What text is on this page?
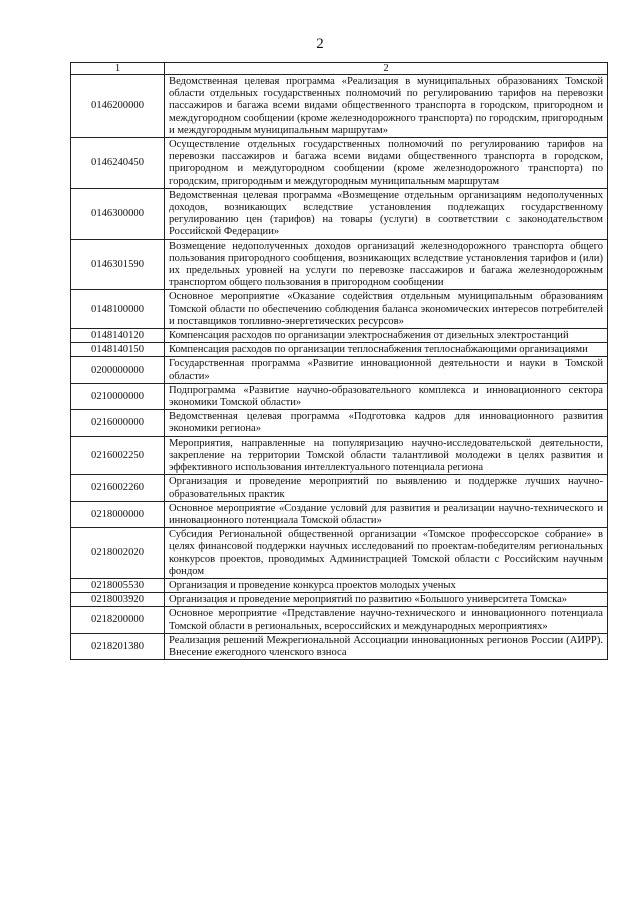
2
1	2
0146200000	Ведомственная целевая программа «Реализация в муниципальных образованиях Томской области отдельных государственных полномочий по регулированию тарифов на перевозки пассажиров и багажа всеми видами общественного транспорта в городском, пригородном и междугородном сообщении (кроме железнодорожного транспорта) по городским, пригородным и междугородным муниципальным маршрутам»
0146240450	Осуществление отдельных государственных полномочий по регулированию тарифов на перевозки пассажиров и багажа всеми видами общественного транспорта в городском, пригородном и междугородном сообщении (кроме железнодорожного транспорта) по городским, пригородным и междугородным муниципальным маршрутам
0146300000	Ведомственная целевая программа «Возмещение отдельным организациям недополученных доходов, возникающих вследствие установления подлежащих государственному регулированию цен (тарифов) на товары (услуги) в соответствии с законодательством Российской Федерации»
0146301590	Возмещение недополученных доходов организаций железнодорожного транспорта общего пользования пригородного сообщения, возникающих вследствие установления тарифов и (или) их предельных уровней на услуги по перевозке пассажиров и багажа железнодорожным транспортом общего пользования в пригородном сообщении
0148100000	Основное мероприятие «Оказание содействия отдельным муниципальным образованиям Томской области по обеспечению соблюдения баланса экономических интересов потребителей и поставщиков топливно-энергетических ресурсов»
0148140120	Компенсация расходов по организации электроснабжения от дизельных электростанций
0148140150	Компенсация расходов по организации теплоснабжения теплоснабжающими организациями
0200000000	Государственная программа «Развитие инновационной деятельности и науки в Томской области»
0210000000	Подпрограмма «Развитие научно-образовательного комплекса и инновационного сектора экономики Томской области»
0216000000	Ведомственная целевая программа «Подготовка кадров для инновационного развития экономики региона»
0216002250	Мероприятия, направленные на популяризацию научно-исследовательской деятельности, закрепление на территории Томской области талантливой молодежи в целях развития и эффективного использования интеллектуального потенциала региона
0216002260	Организация и проведение мероприятий по выявлению и поддержке лучших научно-образовательных практик
0218000000	Основное мероприятие «Создание условий для развития и реализации научно-технического и инновационного потенциала Томской области»
0218002020	Субсидия Региональной общественной организации «Томское профессорское собрание» в целях финансовой поддержки научных исследований по проектам-победителям региональных конкурсов проектов, проводимых Администрацией Томской области с Российским научным фондом
0218005530	Организация и проведение конкурса проектов молодых ученых
0218003920	Организация и проведение мероприятий по развитию «Большого университета Томска»
0218200000	Основное мероприятие «Представление научно-технического и инновационного потенциала Томской области в региональных, всероссийских и международных мероприятиях»
0218201380	Реализация решений Межрегиональной Ассоциации инновационных регионов России (АИРР). Внесение ежегодного членского взноса
